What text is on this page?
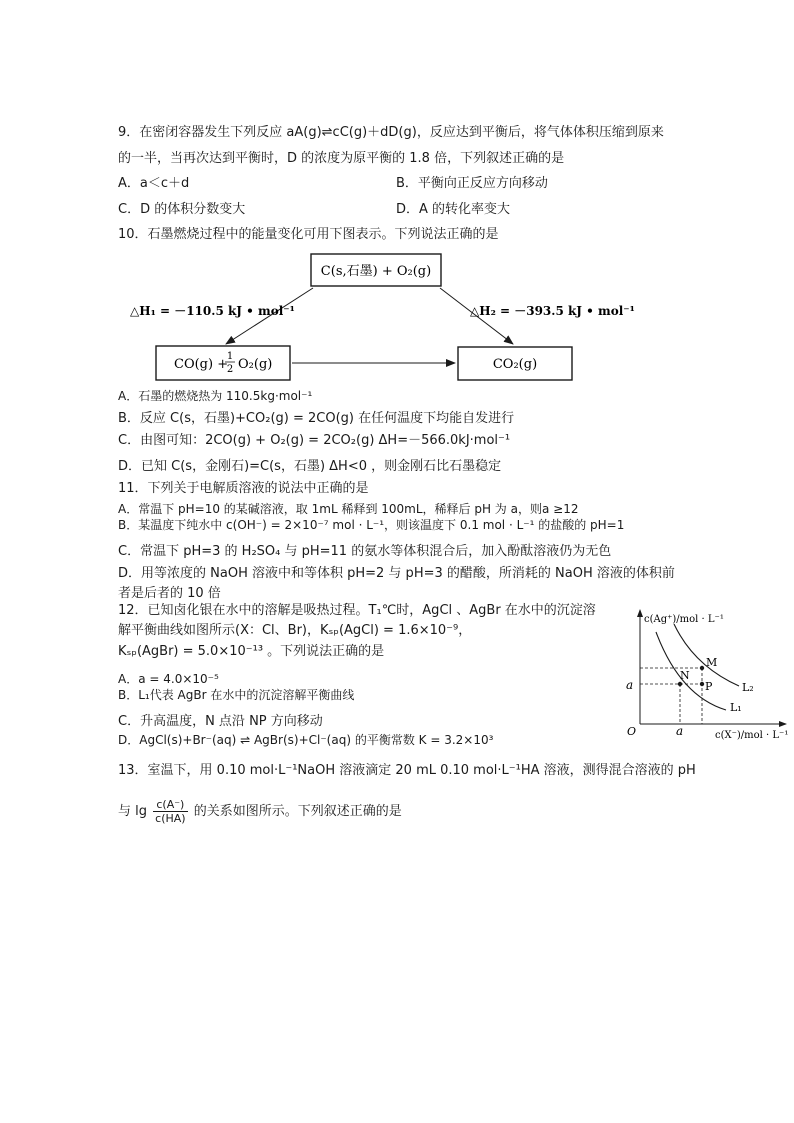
9．在密闭容器发生下列反应 aA(g)⇌cC(g)＋dD(g)，反应达到平衡后，将气体体积压缩到原来
的一半，当再次达到平衡时，D 的浓度为原平衡的 1.8 倍，下列叙述正确的是
A．a＜c＋d	B．平衡向正反应方向移动
C．D 的体积分数变大	D．A 的转化率变大
10．石墨燃烧过程中的能量变化可用下图表示。下列说法正确的是
C(s,石墨) + O₂(g)
CO(g) +
1
2 O₂(g)	CO₂(g)
△H₁ = －110.5 kJ • mol⁻¹	△H₂ = －393.5 kJ • mol⁻¹
A．石墨的燃烧热为 110.5kg·mol⁻¹
B．反应 C(s，石墨)+CO₂(g) = 2CO(g) 在任何温度下均能自发进行
C．由图可知：2CO(g) + O₂(g) = 2CO₂(g) ΔH=－566.0kJ·mol⁻¹
D．已知 C(s，金刚石)=C(s，石墨) ΔH<0 ，则金刚石比石墨稳定
11．下列关于电解质溶液的说法中正确的是
A．常温下 pH=10 的某碱溶液，取 1mL 稀释到 100mL，稀释后 pH 为 a，则a ≥12
B．某温度下纯水中 c(OH⁻) = 2×10⁻⁷ mol · L⁻¹，则该温度下 0.1 mol · L⁻¹ 的盐酸的 pH=1
C．常温下 pH=3 的 H₂SO₄ 与 pH=11 的氨水等体积混合后，加入酚酞溶液仍为无色
D．用等浓度的 NaOH 溶液中和等体积 pH=2 与 pH=3 的醋酸，所消耗的 NaOH 溶液的体积前
者是后者的 10 倍
12．已知卤化银在水中的溶解是吸热过程。T₁℃时，AgCl 、AgBr 在水中的沉淀溶
解平衡曲线如图所示(X：Cl、Br)，Kₛₚ(AgCl) = 1.6×10⁻⁹，
Kₛₚ(AgBr) = 5.0×10⁻¹³ 。下列说法正确的是
A．a = 4.0×10⁻⁵
B．L₁代表 AgBr 在水中的沉淀溶解平衡曲线
C．升高温度，N 点沿 NP 方向移动
D．AgCl(s)+Br⁻(aq) ⇌ AgBr(s)+Cl⁻(aq) 的平衡常数 K = 3.2×10³
c(Ag⁺)/mol · L⁻¹
c(X⁻)/mol · L⁻¹
O	a
a
M
N
P	L₂
L₁
13．室温下，用 0.10 mol·L⁻¹NaOH 溶液滴定 20 mL 0.10 mol·L⁻¹HA 溶液，测得混合溶液的 pH
与 $\lg \frac{c(A^-)}{c(HA)}$ 的关系如图所示。下列叙述正确的是
